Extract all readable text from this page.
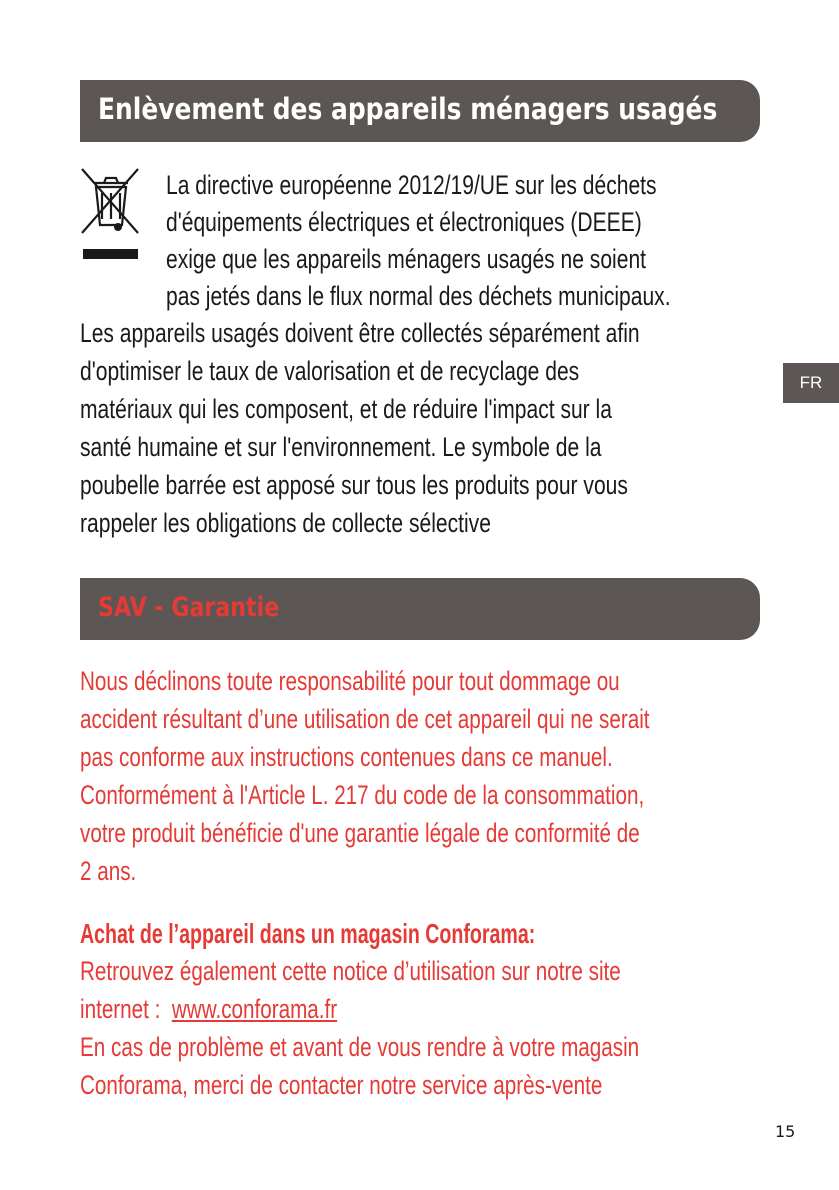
Enlèvement des appareils ménagers usagés
La directive européenne 2012/19/UE sur les déchets
d'équipements électriques et électroniques (DEEE)
exige que les appareils ménagers usagés ne soient
pas jetés dans le flux normal des déchets municipaux.
Les appareils usagés doivent être collectés séparément afin
d'optimiser le taux de valorisation et de recyclage des
matériaux qui les composent, et de réduire l'impact sur la
santé humaine et sur l'environnement. Le symbole de la
poubelle barrée est apposé sur tous les produits pour vous
rappeler les obligations de collecte sélective
FR
SAV - Garantie
Nous déclinons toute responsabilité pour tout dommage ou
accident résultant d’une utilisation de cet appareil qui ne serait
pas conforme aux instructions contenues dans ce manuel.
Conformément à l'Article L. 217 du code de la consommation,
votre produit bénéficie d'une garantie légale de conformité de
2 ans.
Achat de l’appareil dans un magasin Conforama:
Retrouvez également cette notice d’utilisation sur notre site
internet : www.conforama.fr
En cas de problème et avant de vous rendre à votre magasin
Conforama, merci de contacter notre service après-vente
15
